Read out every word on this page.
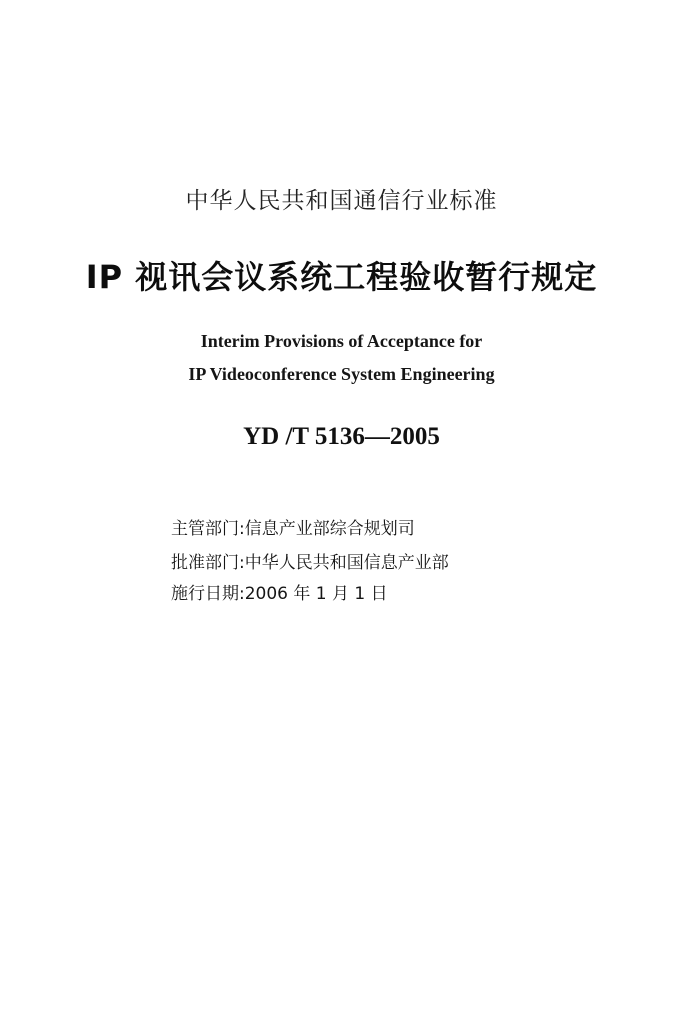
中华人民共和国通信行业标准
IP 视讯会议系统工程验收暂行规定
Interim Provisions of Acceptance for
IP Videoconference System Engineering
YD /T 5136—2005
主管部门:信息产业部综合规划司
批准部门:中华人民共和国信息产业部
施行日期:2006 年 1 月 1 日
